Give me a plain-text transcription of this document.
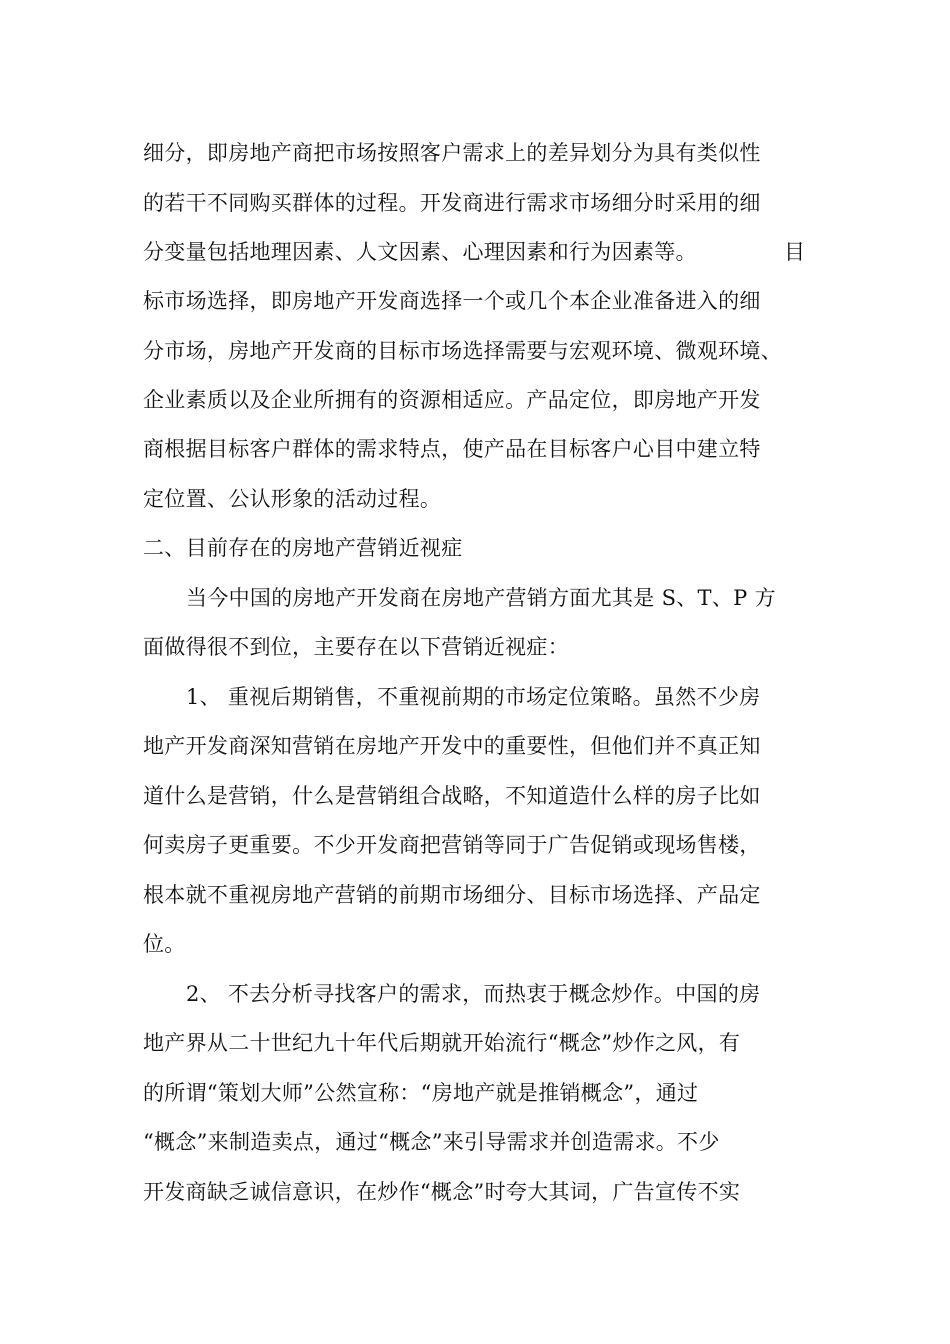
细分，即房地产商把市场按照客户需求上的差异划分为具有类似性
的若干不同购买群体的过程。开发商进行需求市场细分时采用的细
分变量包括地理因素、人文因素、心理因素和行为因素等。	目
标市场选择，即房地产开发商选择一个或几个本企业准备进入的细
分市场，房地产开发商的目标市场选择需要与宏观环境、微观环境、
企业素质以及企业所拥有的资源相适应。产品定位，即房地产开发
商根据目标客户群体的需求特点，使产品在目标客户心目中建立特
定位置、公认形象的活动过程。
二、目前存在的房地产营销近视症
当今中国的房地产开发商在房地产营销方面尤其是 S、T、P 方
面做得很不到位，主要存在以下营销近视症：
1、 重视后期销售，不重视前期的市场定位策略。虽然不少房
地产开发商深知营销在房地产开发中的重要性，但他们并不真正知
道什么是营销，什么是营销组合战略，不知道造什么样的房子比如
何卖房子更重要。不少开发商把营销等同于广告促销或现场售楼，
根本就不重视房地产营销的前期市场细分、目标市场选择、产品定
位。
2、 不去分析寻找客户的需求，而热衷于概念炒作。中国的房
地产界从二十世纪九十年代后期就开始流行“概念”炒作之风，有
的所谓“策划大师”公然宣称：“房地产就是推销概念”，通过
“概念”来制造卖点，通过“概念”来引导需求并创造需求。不少
开发商缺乏诚信意识，在炒作“概念”时夸大其词，广告宣传不实
